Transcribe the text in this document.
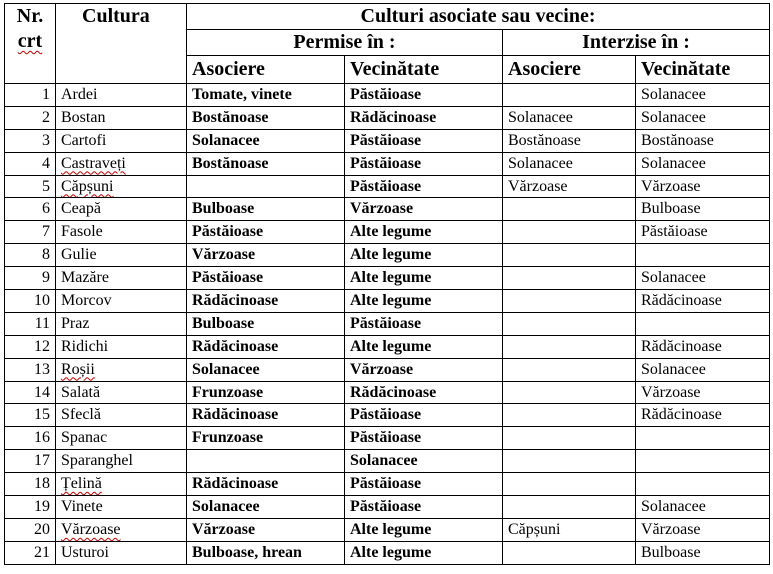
Nr.
crt	Cultura	Culturi asociate sau vecine:			
		Permise în :		Interzise în :	
		Asociere	Vecinătate	Asociere	Vecinătate
1	Ardei	Tomate, vinete	Păstăioase		Solanacee
2	Bostan	Bostănoase	Rădăcinoase	Solanacee	Solanacee
3	Cartofi	Solanacee	Păstăioase	Bostănoase	Bostănoase
4	Castraveți	Bostănoase	Păstăioase	Solanacee	Solanacee
5	Căpșuni		Păstăioase	Vărzoase	Vărzoase
6	Ceapă	Bulboase	Vărzoase		Bulboase
7	Fasole	Păstăioase	Alte legume		Păstăioase
8	Gulie	Vărzoase	Alte legume		
9	Mazăre	Păstăioase	Alte legume		Solanacee
10	Morcov	Rădăcinoase	Alte legume		Rădăcinoase
11	Praz	Bulboase	Păstăioase		
12	Ridichi	Rădăcinoase	Alte legume		Rădăcinoase
13	Roșii	Solanacee	Vărzoase		Solanacee
14	Salată	Frunzoase	Rădăcinoase		Vărzoase
15	Sfeclă	Rădăcinoase	Păstăioase		Rădăcinoase
16	Spanac	Frunzoase	Păstăioase		
17	Sparanghel		Solanacee		
18	Țelină	Rădăcinoase	Păstăioase		
19	Vinete	Solanacee	Păstăioase		Solanacee
20	Vărzoase	Vărzoase	Alte legume	Căpșuni	Vărzoase
21	Usturoi	Bulboase, hrean	Alte legume		Bulboase
